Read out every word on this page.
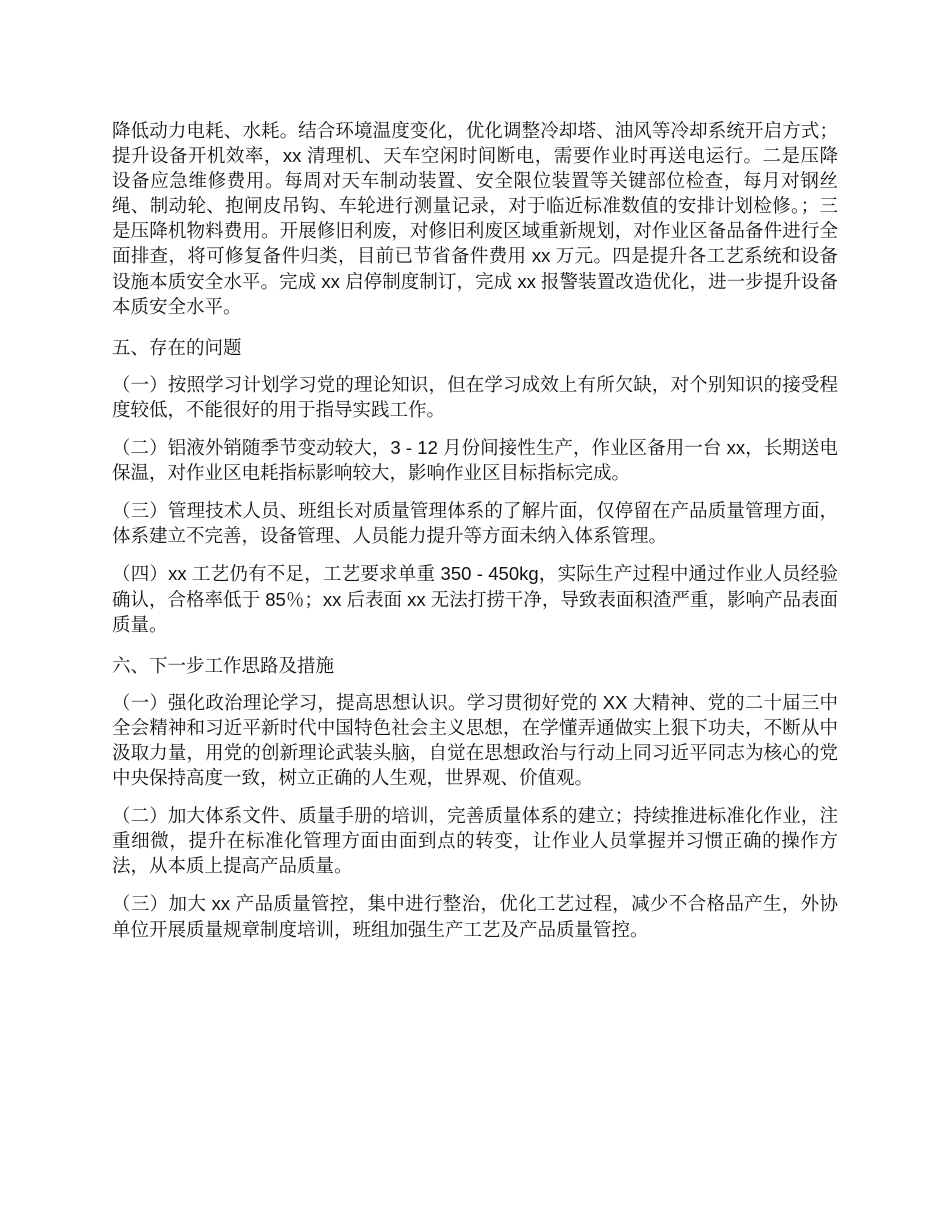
降低动力电耗、水耗。结合环境温度变化，优化调整冷却塔、油风等冷却系统开启方式；提升设备开机效率，xx 清理机、天车空闲时间断电，需要作业时再送电运行。二是压降设备应急维修费用。每周对天车制动装置、安全限位装置等关键部位检查，每月对钢丝绳、制动轮、抱闸皮吊钩、车轮进行测量记录，对于临近标准数值的安排计划检修。；三是压降机物料费用。开展修旧利废，对修旧利废区域重新规划，对作业区备品备件进行全面排查，将可修复备件归类，目前已节省备件费用 xx 万元。四是提升各工艺系统和设备设施本质安全水平。完成 xx 启停制度制订，完成 xx 报警装置改造优化，进一步提升设备本质安全水平。

五、存在的问题

（一）按照学习计划学习党的理论知识，但在学习成效上有所欠缺，对个别知识的接受程度较低，不能很好的用于指导实践工作。

（二）铝液外销随季节变动较大，3 - 12 月份间接性生产，作业区备用一台 xx，长期送电保温，对作业区电耗指标影响较大，影响作业区目标指标完成。

（三）管理技术人员、班组长对质量管理体系的了解片面，仅停留在产品质量管理方面，体系建立不完善，设备管理、人员能力提升等方面未纳入体系管理。

（四）xx 工艺仍有不足，工艺要求单重 350 - 450kg，实际生产过程中通过作业人员经验确认，合格率低于 85％；xx 后表面 xx 无法打捞干净，导致表面积渣严重，影响产品表面质量。

六、下一步工作思路及措施

（一）强化政治理论学习，提高思想认识。学习贯彻好党的 XX 大精神、党的二十届三中全会精神和习近平新时代中国特色社会主义思想，在学懂弄通做实上狠下功夫，不断从中汲取力量，用党的创新理论武装头脑，自觉在思想政治与行动上同习近平同志为核心的党中央保持高度一致，树立正确的人生观，世界观、价值观。

（二）加大体系文件、质量手册的培训，完善质量体系的建立；持续推进标准化作业，注重细微，提升在标准化管理方面由面到点的转变，让作业人员掌握并习惯正确的操作方法，从本质上提高产品质量。

（三）加大 xx 产品质量管控，集中进行整治，优化工艺过程，减少不合格品产生，外协单位开展质量规章制度培训，班组加强生产工艺及产品质量管控。
